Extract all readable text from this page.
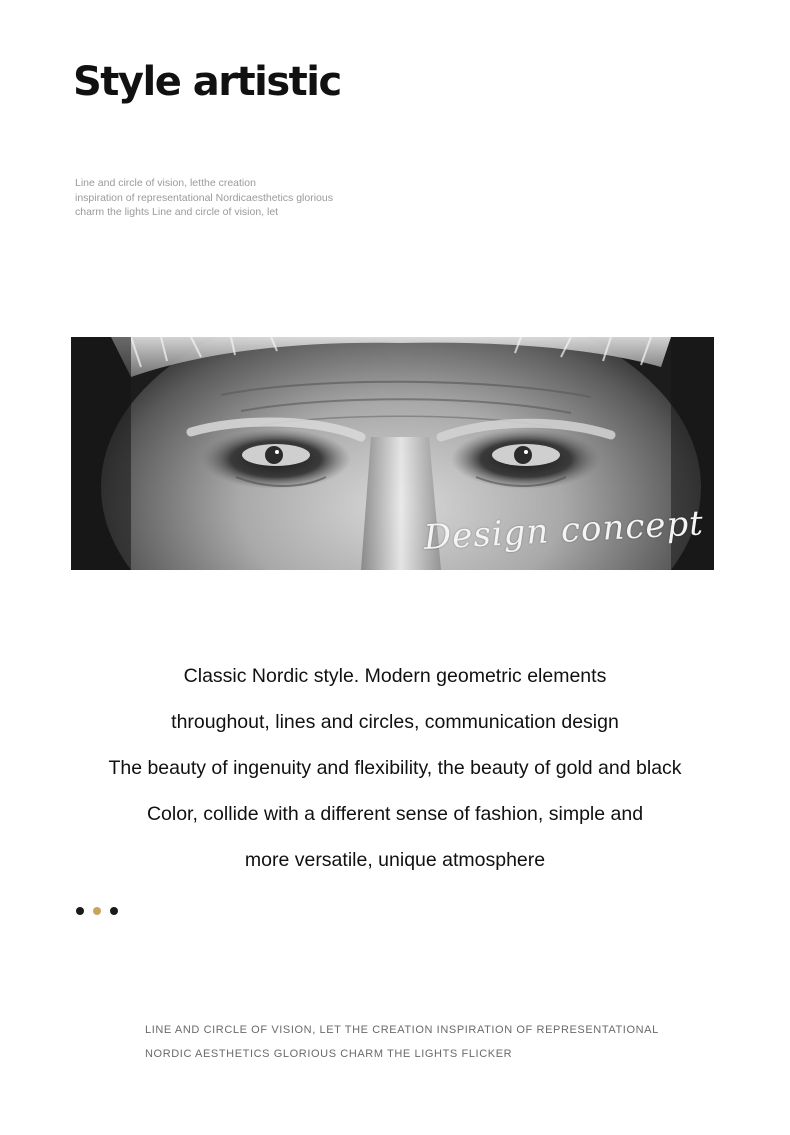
Style artistic
Line and circle of vision, letthe creation
inspiration of representational Nordicaesthetics glorious
charm the lights Line and circle of vision, let
Design concept
Classic Nordic style. Modern geometric elements
throughout, lines and circles, communication design
The beauty of ingenuity and flexibility, the beauty of gold and black
Color, collide with a different sense of fashion, simple and
more versatile, unique atmosphere
LINE AND CIRCLE OF VISION, LET THE CREATION INSPIRATION OF REPRESENTATIONAL
NORDIC AESTHETICS GLORIOUS CHARM THE LIGHTS FLICKER
